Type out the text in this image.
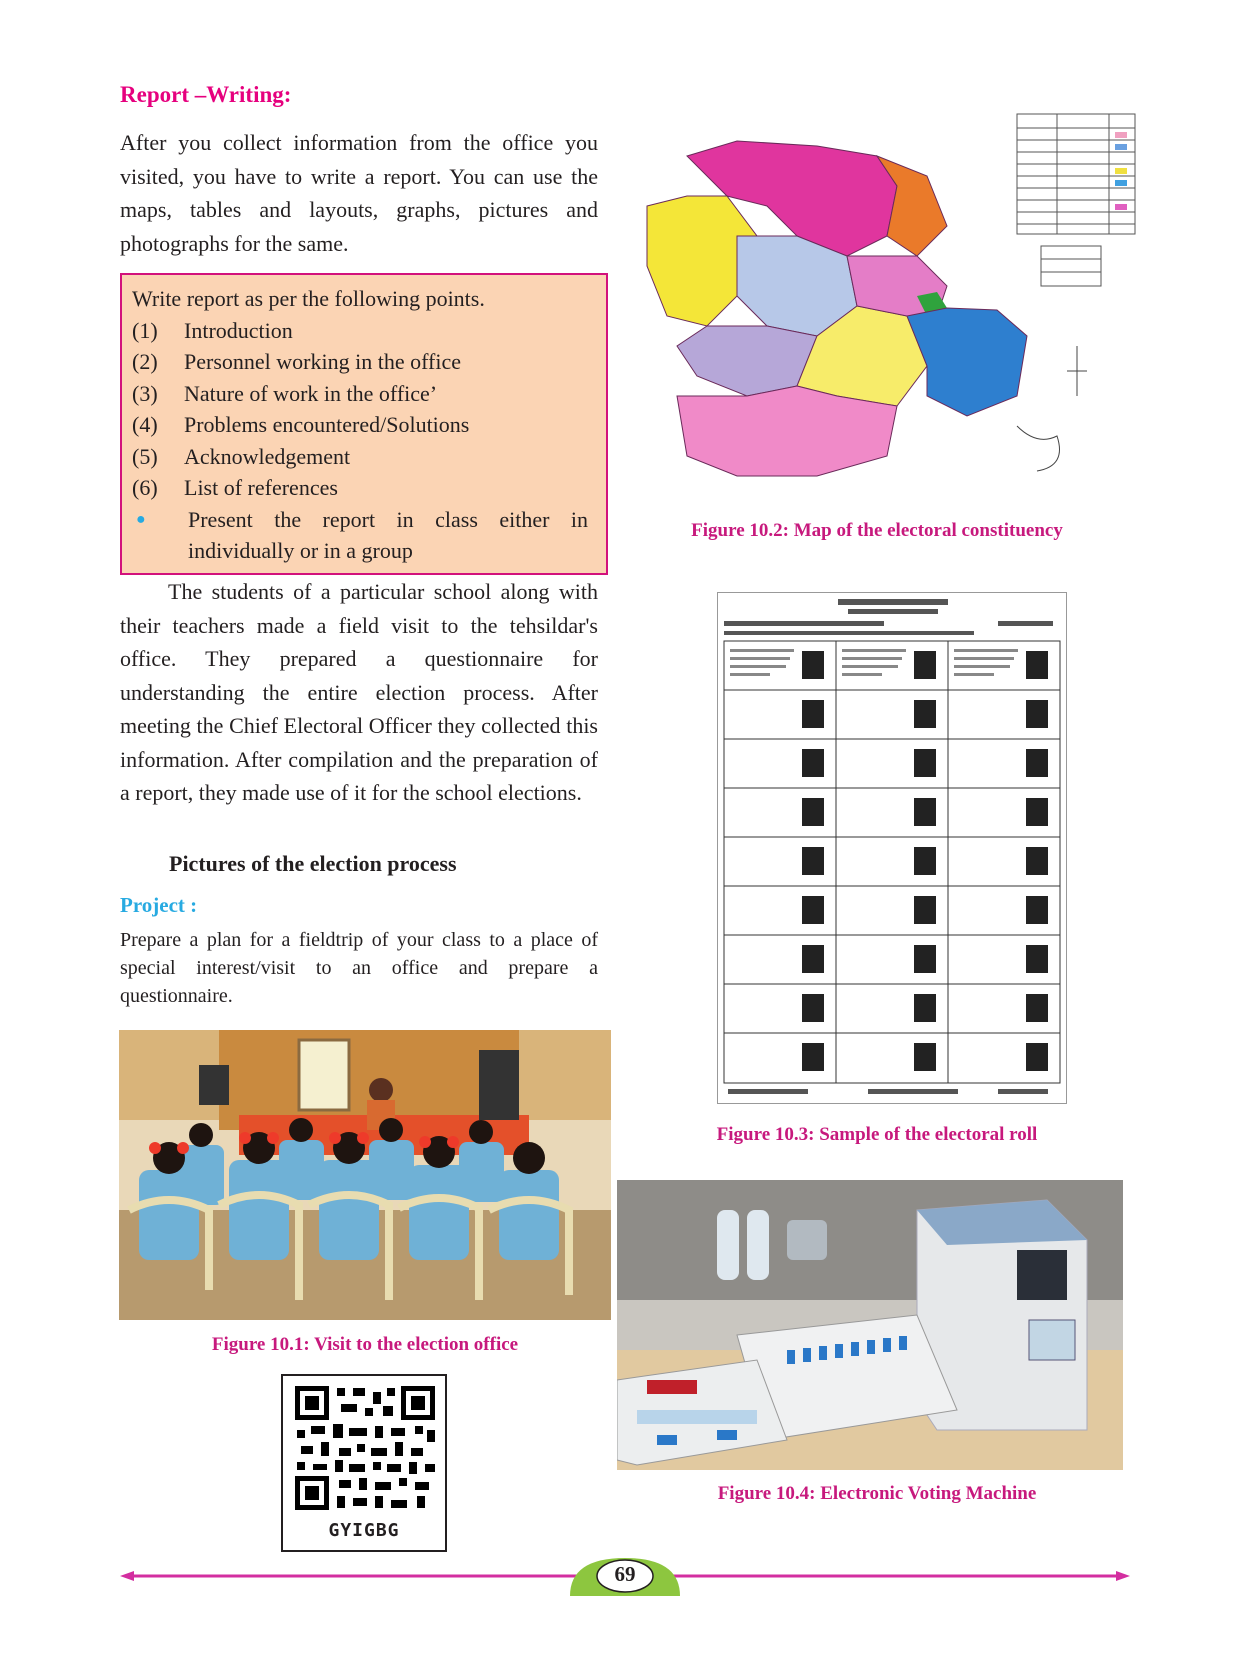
Report –Writing:
After you collect information from the office you visited, you have to write a report. You can use the maps, tables and layouts, graphs, pictures and photographs for the same.
Write report as per the following points.
(1)	Introduction
(2)	Personnel working in the office
(3)	Nature of work in the office’
(4)	Problems encountered/Solutions
(5)	Acknowledgement
(6)	List of references
●	Present the report in class either in individually or in a group
The students of a particular school along with their teachers made a field visit to the tehsildar's office. They prepared a questionnaire for understanding the entire election process. After meeting the Chief Electoral Officer they collected this information. After compilation and the preparation of a report, they made use of it for the school elections.
Pictures of the election process
Project :
Prepare a plan for a fieldtrip of your class to a place of special interest/visit to an office and prepare a questionnaire.
Figure 10.1: Visit to the election office
GYIGBG
Figure 10.2: Map of the electoral constituency
Figure 10.3: Sample of the electoral roll
Figure 10.4: Electronic Voting Machine
69
